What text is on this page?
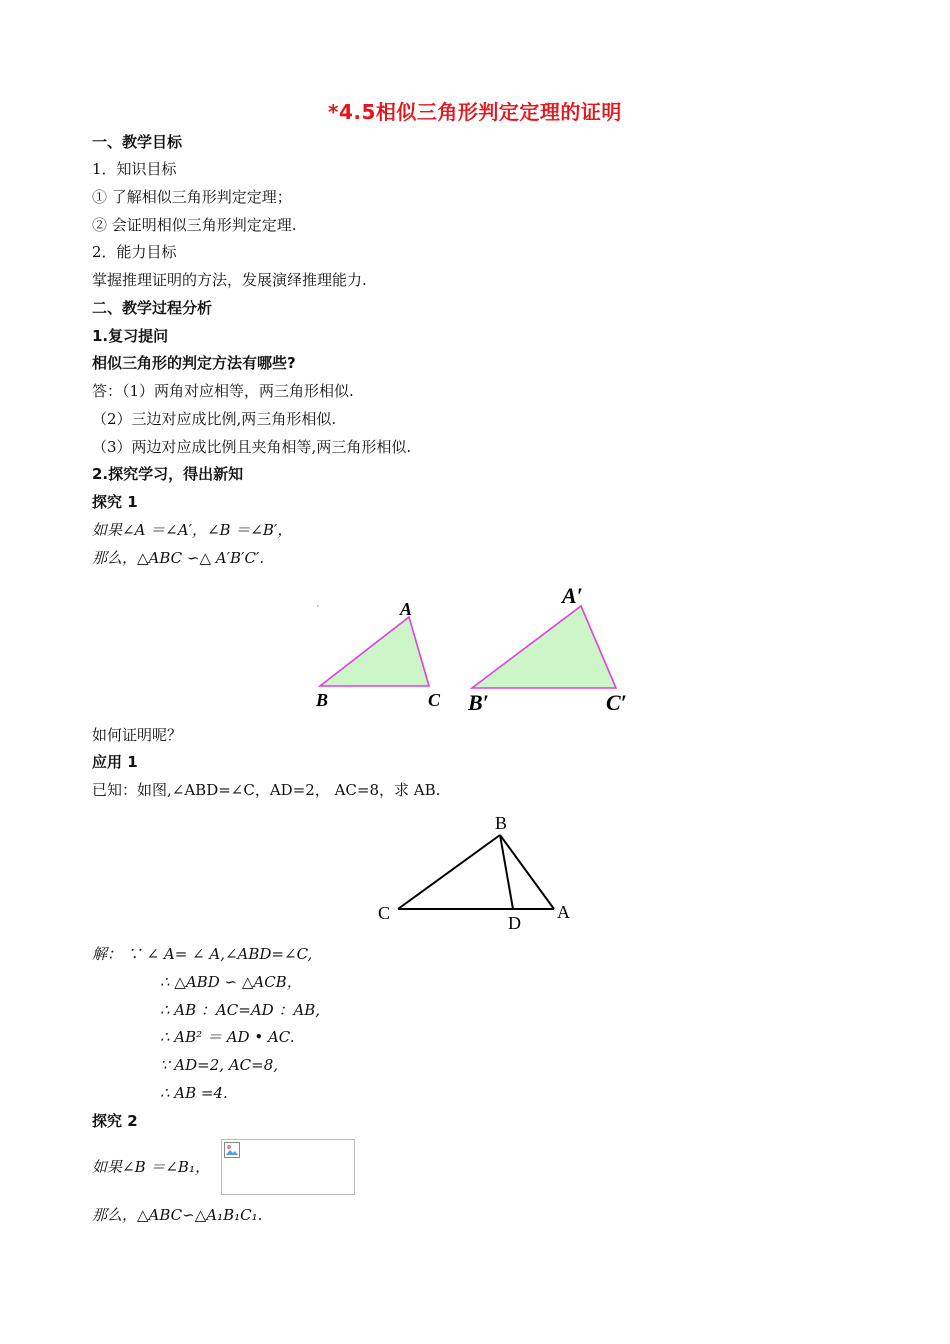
*4.5相似三角形判定定理的证明
一、教学目标
1．知识目标
① 了解相似三角形判定定理；
② 会证明相似三角形判定定理.
2．能力目标
掌握推理证明的方法，发展演绎推理能力.
二、教学过程分析
1.复习提问
相似三角形的判定方法有哪些?
答：（1）两角对应相等，两三角形相似.
（2）三边对应成比例,两三角形相似.
（3）两边对应成比例且夹角相等,两三角形相似.
2.探究学习，得出新知
探究 1
如果∠A ＝∠A′，∠B ＝∠B′，
那么，△ABC ∽△ A′B′C′.
'	A
B	C
A′
B′	C′
如何证明呢？
应用 1
已知：如图,∠ABD=∠C，AD=2， AC=8，求 AB.
B
C	D
A
解： ∵ ∠ A= ∠ A,∠ABD=∠C,
∴ △ABD ∽ △ACB，
∴ AB ：AC=AD ：AB,
∴ AB² ＝ AD • AC.
∵ AD=2, AC=8,
∴ AB =4.
探究 2
如果∠B ＝∠B₁，
那么，△ABC∽△A₁B₁C₁.
